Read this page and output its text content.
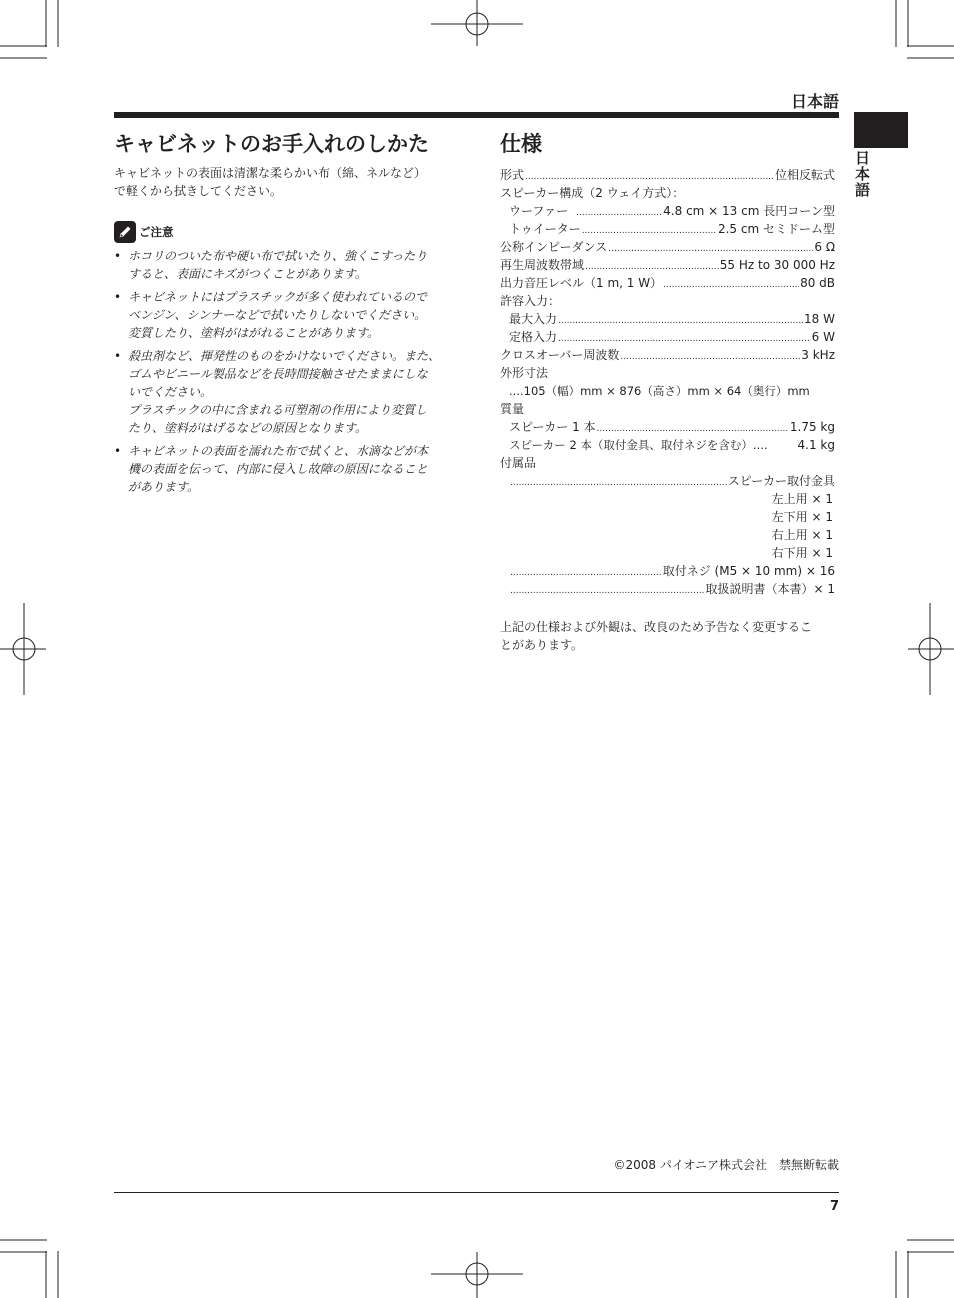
日本語
日本語
キャビネットのお手入れのしかた

キャビネットの表面は清潔な柔らかい布（綿、ネルなど）
で軽くから拭きしてください。

ご注意
• ホコリのついた布や硬い布で拭いたり、強くこすったり
すると、表面にキズがつくことがあります。
• キャビネットにはプラスチックが多く使われているので
ベンジン、シンナーなどで拭いたりしないでください。
変質したり、塗料がはがれることがあります。
• 殺虫剤など、揮発性のものをかけないでください。また、
ゴムやビニール製品などを長時間接触させたままにしな
いでください。
プラスチックの中に含まれる可塑剤の作用により変質し
たり、塗料がはげるなどの原因となります。
• キャビネットの表面を濡れた布で拭くと、水滴などが本
機の表面を伝って、内部に侵入し故障の原因になること
があります。
仕様
形式 .....	位相反転式
スピーカー構成（2 ウェイ方式）：
ウーファー .....	4.8 cm × 13 cm 長円コーン型
トゥイーター .....	2.5 cm セミドーム型
公称インピーダンス .....	6 Ω
再生周波数帯域 .....	55 Hz to 30 000 Hz
出力音圧レベル（1 m, 1 W） .....	80 dB
許容入力：
最大入力 .....	18 W
定格入力 .....	6 W
クロスオーバー周波数 .....	3 kHz
外形寸法
....105（幅）mm × 876（高さ）mm × 64（奥行）mm
質量
スピーカー 1 本 .....	1.75 kg
スピーカー 2 本（取付金具、取付ネジを含む）.... 4.1 kg
付属品
.....
スピーカー取付金具
左上用 × 1
左下用 × 1
右上用 × 1
右下用 × 1
.....
取付ネジ (M5 × 10 mm) × 16
.....
取扱説明書（本書）× 1
上記の仕様および外観は、改良のため予告なく変更するこ
とがあります。
©2008 パイオニア株式会社　禁無断転載
7
